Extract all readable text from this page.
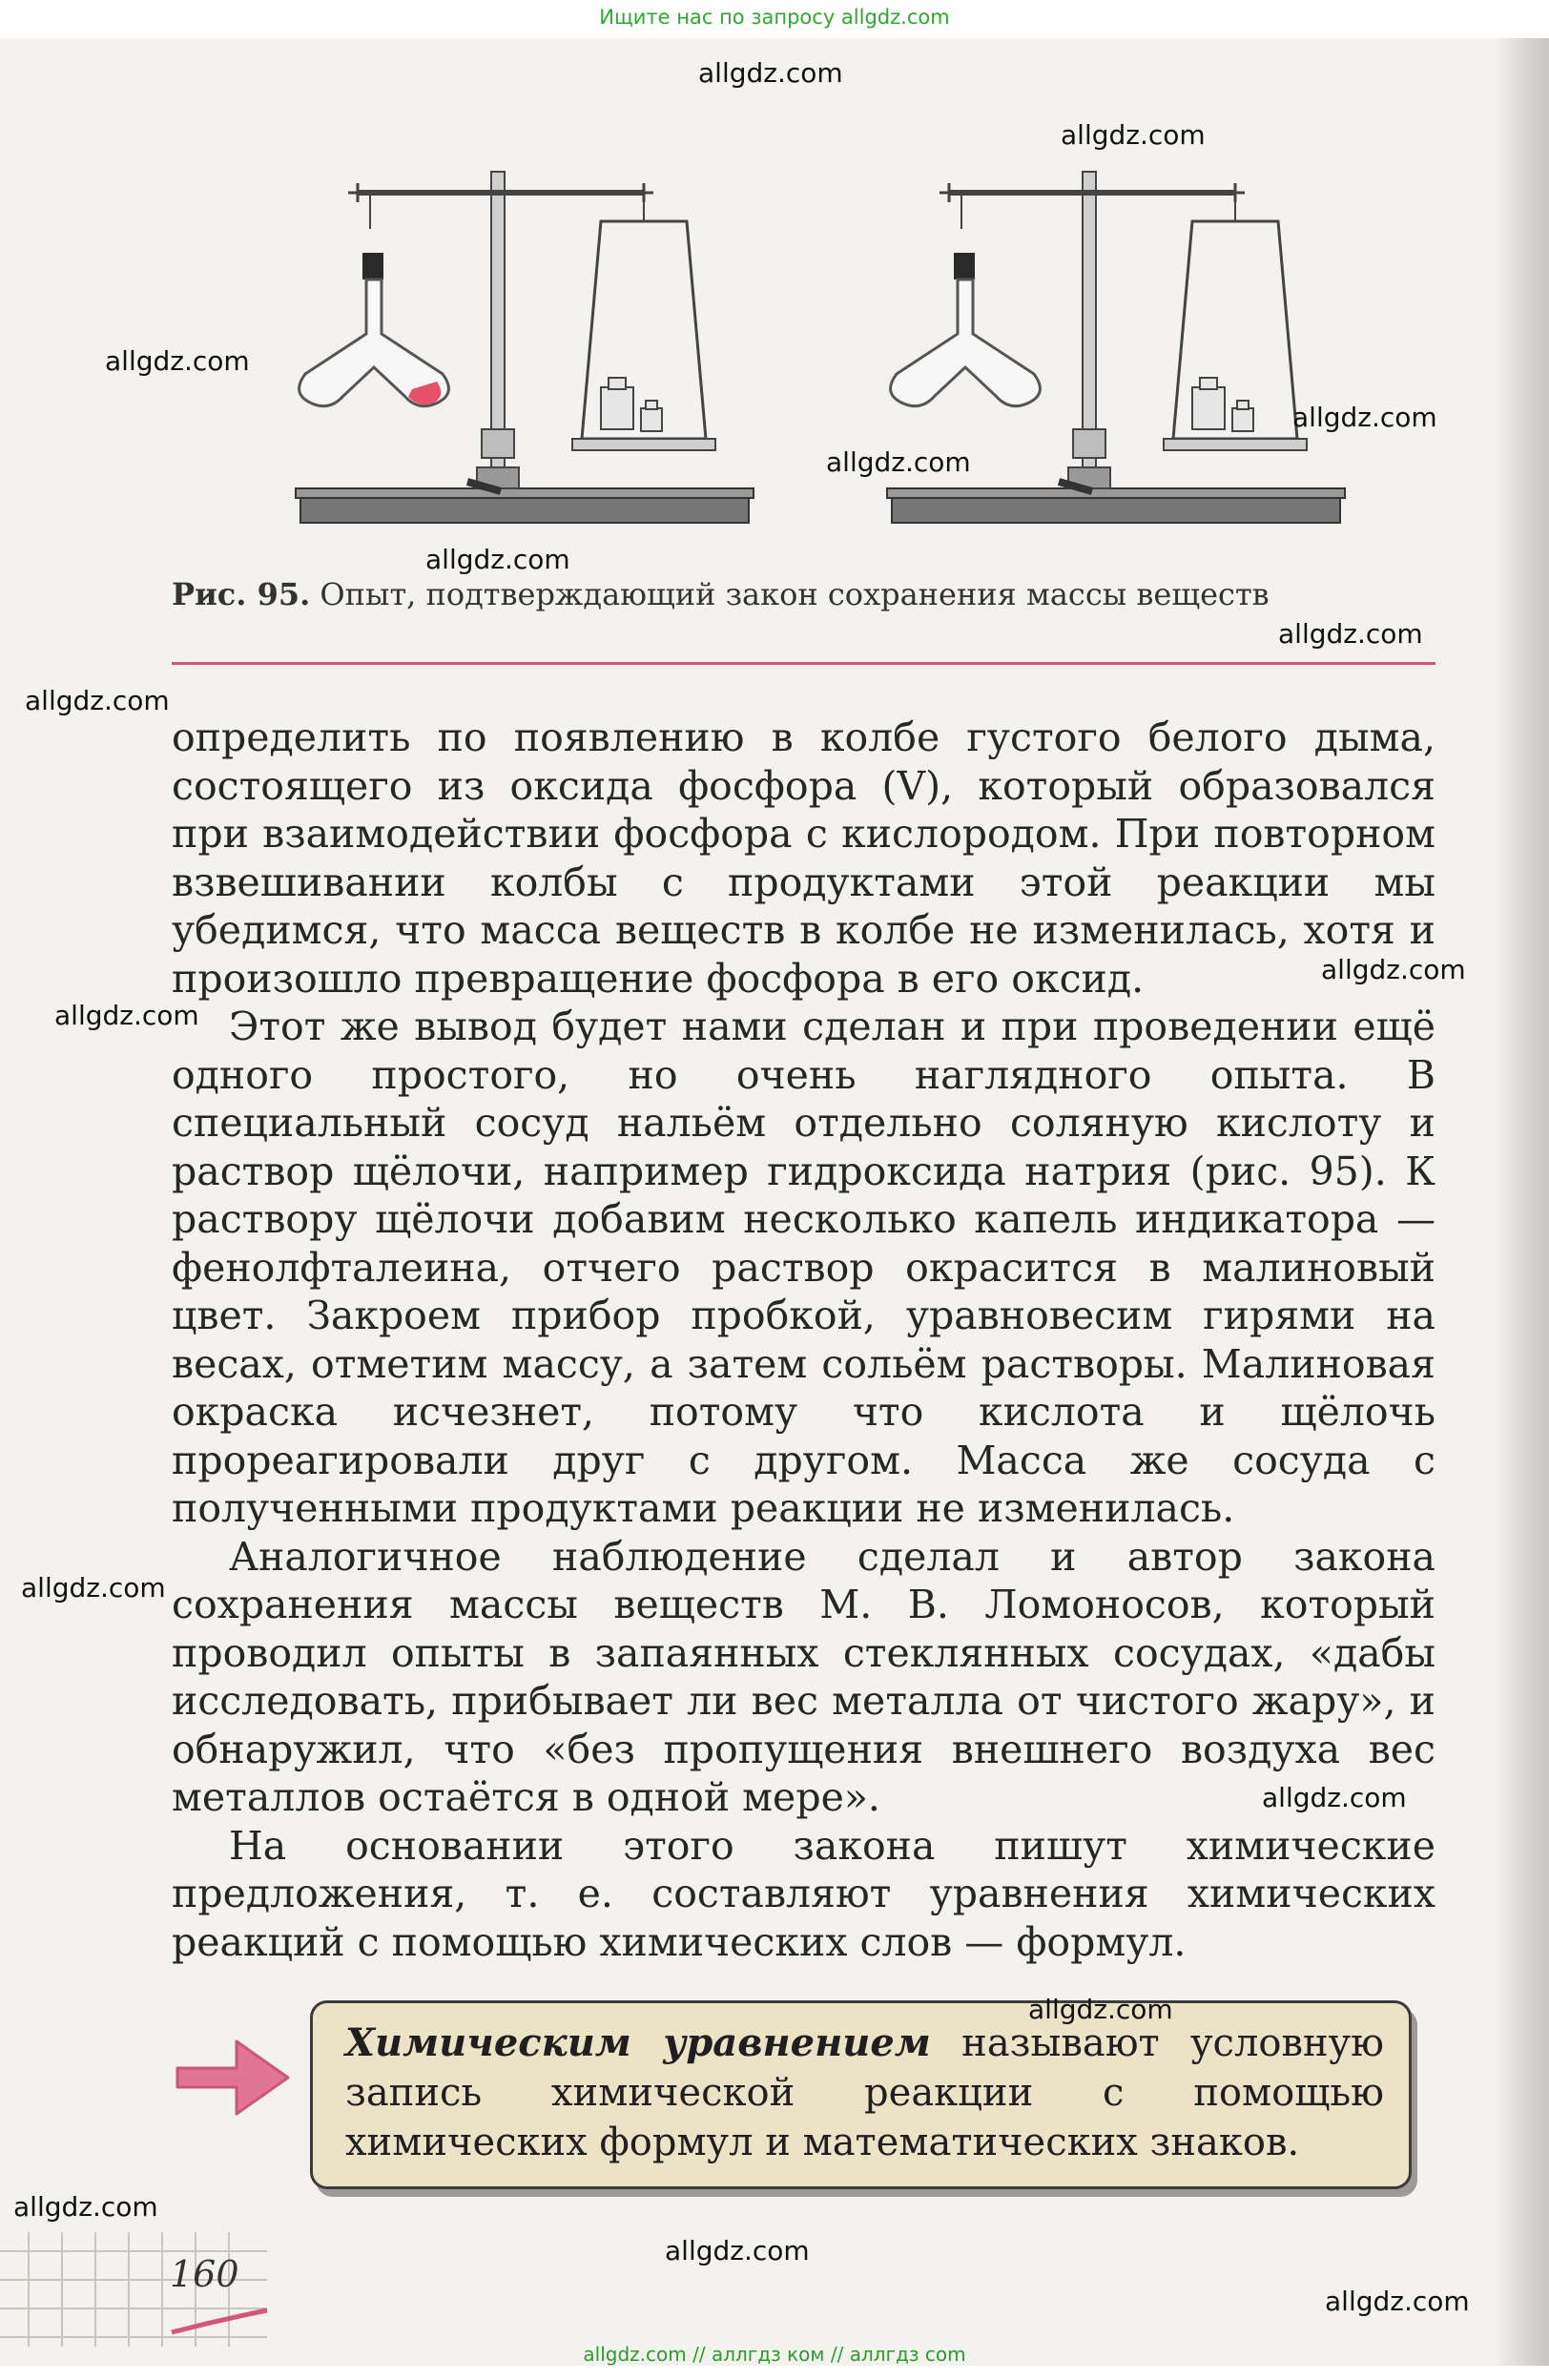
Ищите нас по запросу allgdz.com
Рис. 95. Опыт, подтверждающий закон сохранения массы веществ

определить по появлению в колбе густого белого дыма, состоящего из оксида фосфора (V), который образовался при взаимодействии фосфора с кислородом. При повторном взвешивании колбы с продуктами этой реакции мы убедимся, что масса веществ в колбе не изменилась, хотя и произошло превращение фосфора в его оксид.

Этот же вывод будет нами сделан и при проведении ещё одного простого, но очень наглядного опыта. В специальный сосуд нальём отдельно соляную кислоту и раствор щёлочи, например гидроксида натрия (рис. 95). К раствору щёлочи добавим несколько капель индикатора — фенолфталеина, отчего раствор окрасится в малиновый цвет. Закроем прибор пробкой, уравновесим гирями на весах, отметим массу, а затем сольём растворы. Малиновая окраска исчезнет, потому что кислота и щёлочь прореагировали друг с другом. Масса же сосуда с полученными продуктами реакции не изменилась.

Аналогичное наблюдение сделал и автор закона сохранения массы веществ М. В. Ломоносов, который проводил опыты в запаянных стеклянных сосудах, «дабы исследовать, прибывает ли вес металла от чистого жару», и обнаружил, что «без пропущения внешнего воздуха вес металлов остаётся в одной мере».

На основании этого закона пишут химические предложения, т. е. составляют уравнения химических реакций с помощью химических слов — формул.

Химическим уравнением называют условную запись химической реакции с помощью химических формул и математических знаков.
160
allgdz.com
allgdz.com
allgdz.com
allgdz.com
allgdz.com
allgdz.com
allgdz.com
allgdz.com
allgdz.com
allgdz.com
allgdz.com
allgdz.com
allgdz.com
allgdz.com
allgdz.com
allgdz.com
allgdz.com // аллгдз ком // аллгдз com
